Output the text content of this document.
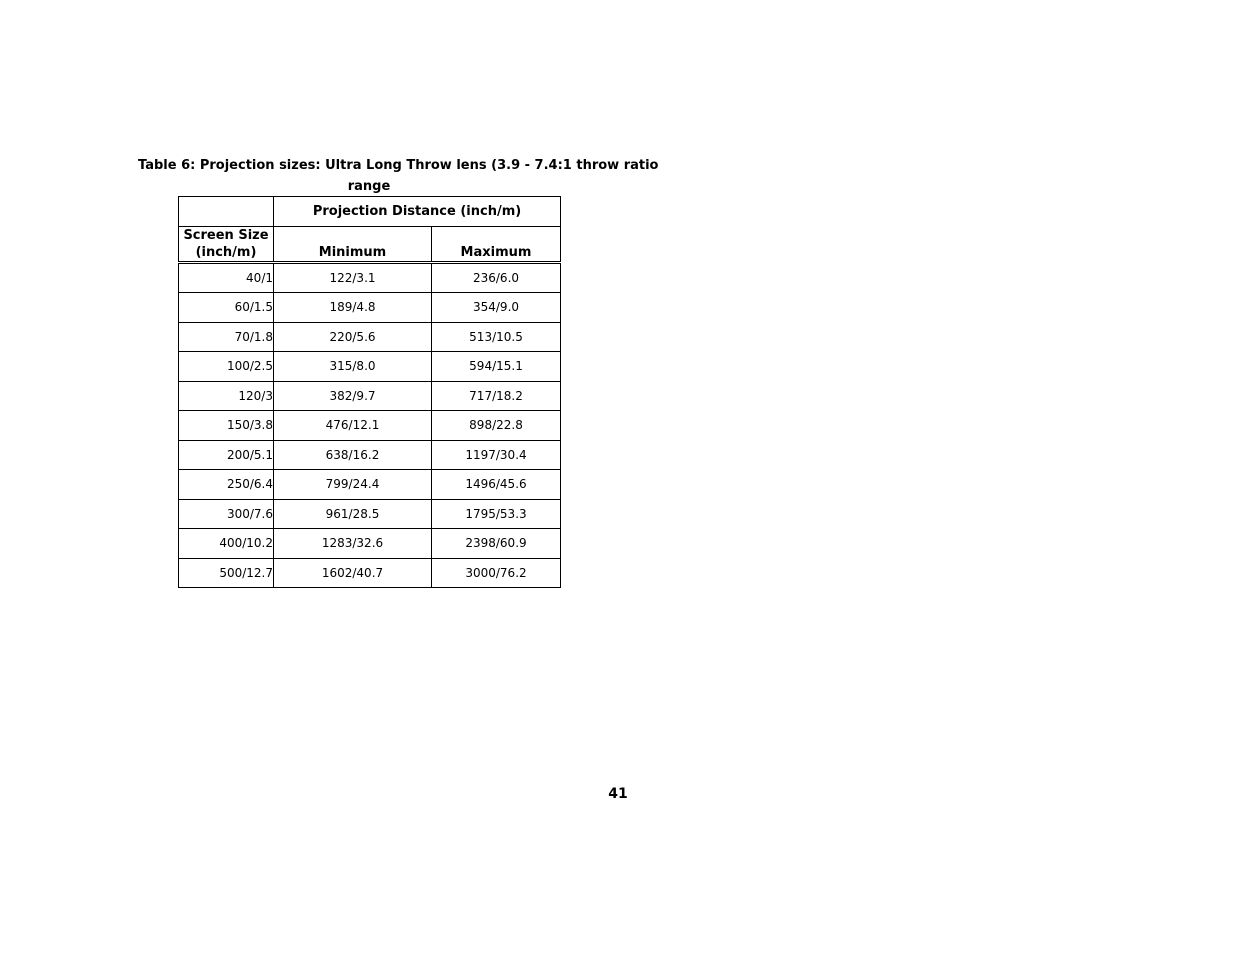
Table 6: Projection sizes: Ultra Long Throw lens (3.9 - 7.4:1 throw ratio
range
	Projection Distance (inch/m)	
Screen Size
(inch/m)	Minimum	Maximum
40/1	122/3.1	236/6.0
60/1.5	189/4.8	354/9.0
70/1.8	220/5.6	513/10.5
100/2.5	315/8.0	594/15.1
120/3	382/9.7	717/18.2
150/3.8	476/12.1	898/22.8
200/5.1	638/16.2	1197/30.4
250/6.4	799/24.4	1496/45.6
300/7.6	961/28.5	1795/53.3
400/10.2	1283/32.6	2398/60.9
500/12.7	1602/40.7	3000/76.2
41
